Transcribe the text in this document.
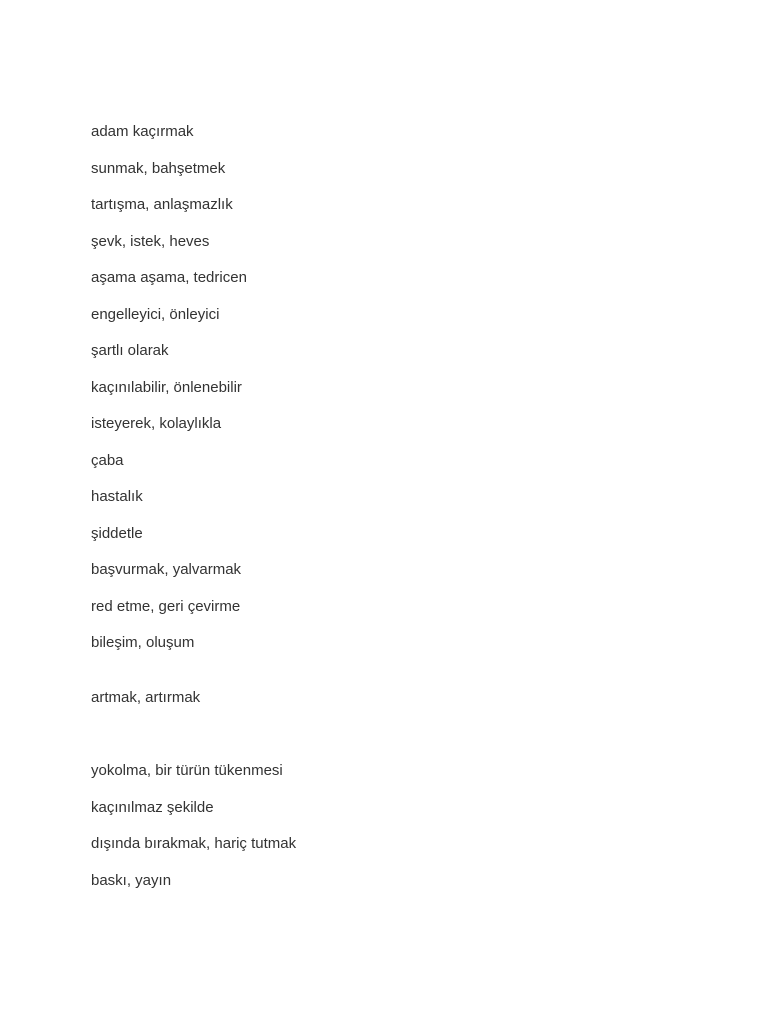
adam kaçırmak

sunmak, bahşetmek

tartışma, anlaşmazlık

şevk, istek, heves

aşama aşama, tedricen

engelleyici, önleyici

şartlı olarak

kaçınılabilir, önlenebilir

isteyerek, kolaylıkla

çaba

hastalık

şiddetle

başvurmak, yalvarmak

red etme, geri çevirme

bileşim, oluşum

artmak, artırmak

yokolma, bir türün tükenmesi

kaçınılmaz şekilde

dışında bırakmak, hariç tutmak

baskı, yayın
